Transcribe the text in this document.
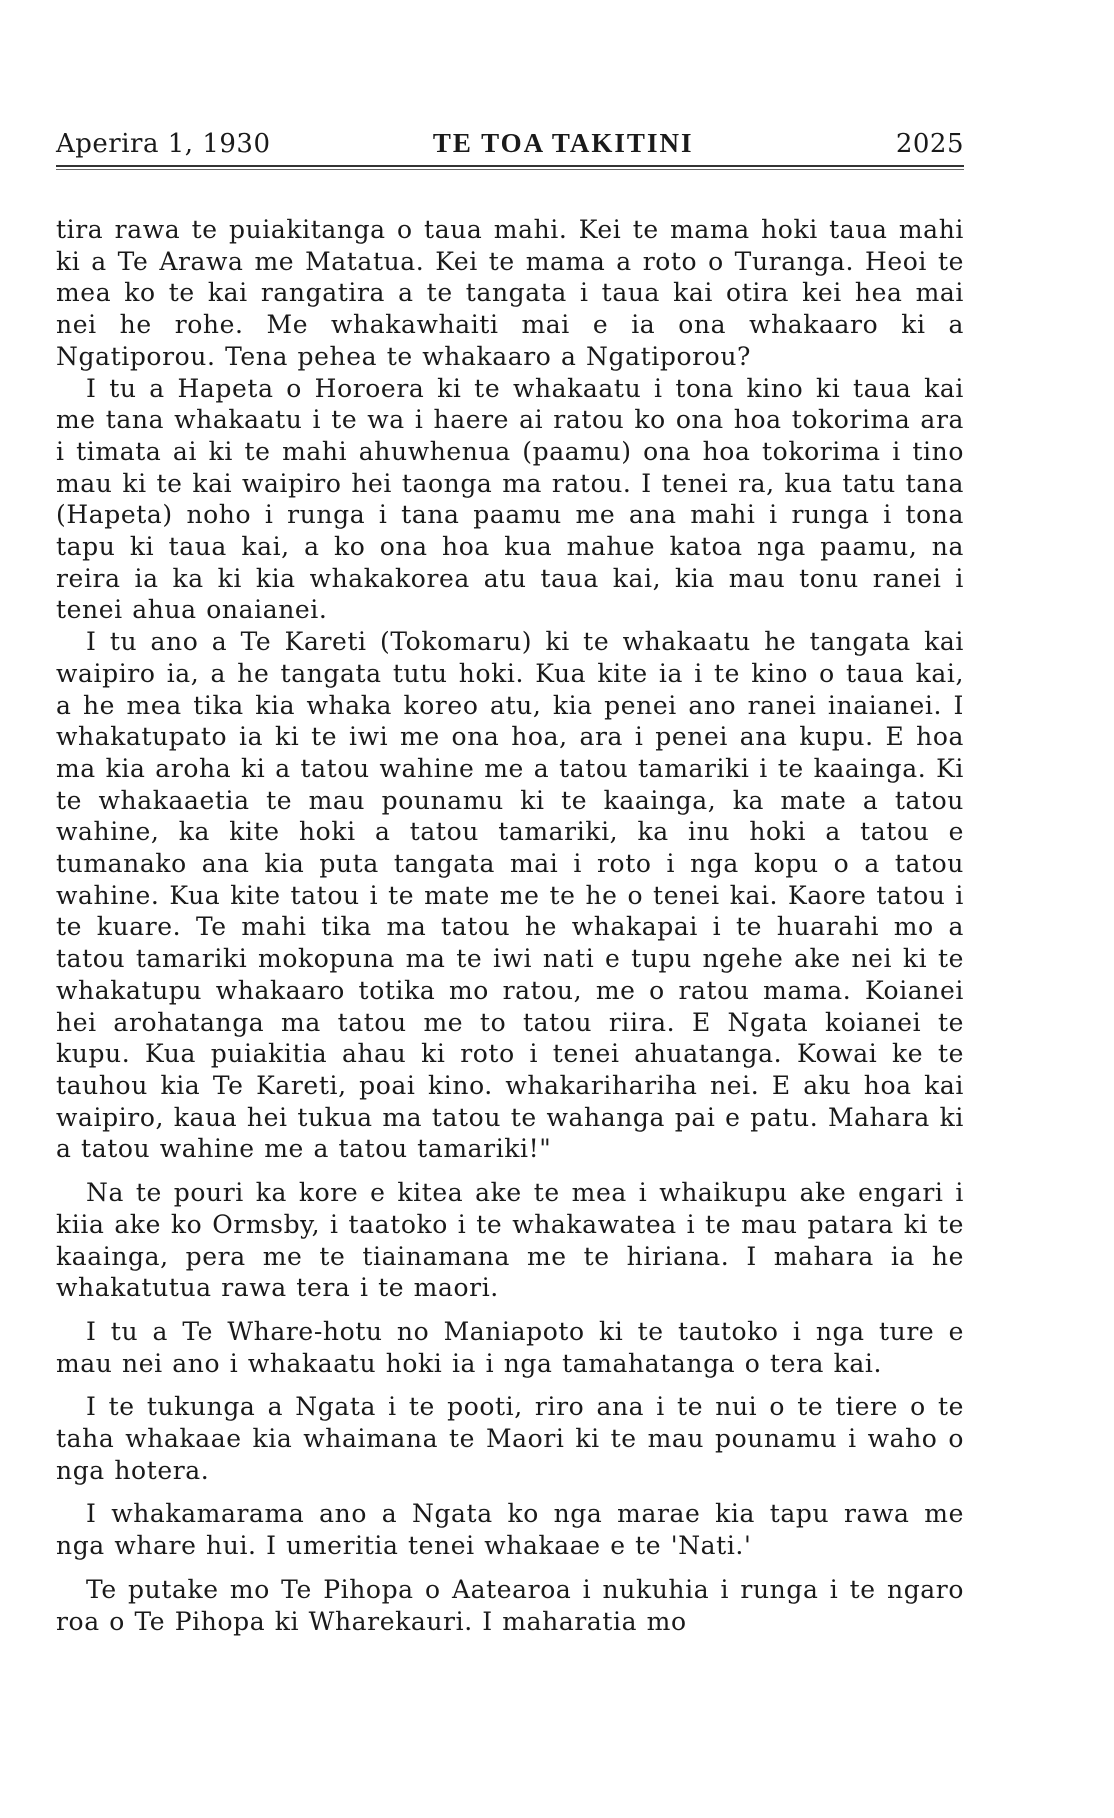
Aperira 1, 1930	TE TOA TAKITINI	2025

tira rawa te puiakitanga o taua mahi. Kei te mama hoki taua mahi ki a Te Arawa me Matatua. Kei te mama a roto o Turanga. Heoi te mea ko te kai rangatira a te tangata i taua kai otira kei hea mai nei he rohe. Me whakawhaiti mai e ia ona whakaaro ki a Ngatiporou. Tena pehea te whakaaro a Ngatiporou?

I tu a Hapeta o Horoera ki te whakaatu i tona kino ki taua kai me tana whakaatu i te wa i haere ai ratou ko ona hoa tokorima ara i timata ai ki te mahi ahuwhenua (paamu) ona hoa tokorima i tino mau ki te kai waipiro hei taonga ma ratou. I tenei ra, kua tatu tana (Hapeta) noho i runga i tana paamu me ana mahi i runga i tona tapu ki taua kai, a ko ona hoa kua mahue katoa nga paamu, na reira ia ka ki kia whakakorea atu taua kai, kia mau tonu ranei i tenei ahua onaianei.

I tu ano a Te Kareti (Tokomaru) ki te whakaatu he tangata kai waipiro ia, a he tangata tutu hoki. Kua kite ia i te kino o taua kai, a he mea tika kia whaka koreo atu, kia penei ano ranei inaianei. I whakatupato ia ki te iwi me ona hoa, ara i penei ana kupu. E hoa ma kia aroha ki a tatou wahine me a tatou tamariki i te kaainga. Ki te whakaaetia te mau pounamu ki te kaainga, ka mate a tatou wahine, ka kite hoki a tatou tamariki, ka inu hoki a tatou e tumanako ana kia puta tangata mai i roto i nga kopu o a tatou wahine. Kua kite tatou i te mate me te he o tenei kai. Kaore tatou i te kuare. Te mahi tika ma tatou he whakapai i te huarahi mo a tatou tamariki mokopuna ma te iwi nati e tupu ngehe ake nei ki te whakatupu whakaaro totika mo ratou, me o ratou mama. Koianei hei arohatanga ma tatou me to tatou riira. E Ngata koianei te kupu. Kua puiakitia ahau ki roto i tenei ahuatanga. Kowai ke te tauhou kia Te Kareti, poai kino. whakarihariha nei. E aku hoa kai waipiro, kaua hei tukua ma tatou te wahanga pai e patu. Mahara ki a tatou wahine me a tatou tamariki!"

Na te pouri ka kore e kitea ake te mea i whaikupu ake engari i kiia ake ko Ormsby, i taatoko i te whakawatea i te mau patara ki te kaainga, pera me te tiainamana me te hiriana. I mahara ia he whakatutua rawa tera i te maori.

I tu a Te Whare-hotu no Maniapoto ki te tautoko i nga ture e mau nei ano i whakaatu hoki ia i nga tamahatanga o tera kai.

I te tukunga a Ngata i te pooti, riro ana i te nui o te tiere o te taha whakaae kia whaimana te Maori ki te mau pounamu i waho o nga hotera.

I whakamarama ano a Ngata ko nga marae kia tapu rawa me nga whare hui. I umeritia tenei whakaae e te 'Nati.'

Te putake mo Te Pihopa o Aatearoa i nukuhia i runga i te ngaro roa o Te Pihopa ki Wharekauri. I maharatia mo
